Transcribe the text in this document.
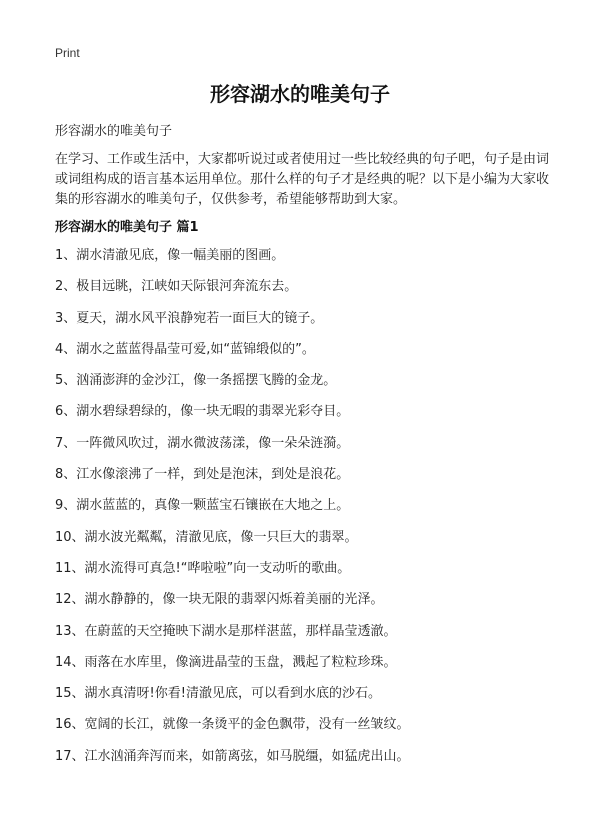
Print
形容湖水的唯美句子
形容湖水的唯美句子

在学习、工作或生活中，大家都听说过或者使用过一些比较经典的句子吧，句子是由词或词组构成的语言基本运用单位。那什么样的句子才是经典的呢？以下是小编为大家收集的形容湖水的唯美句子，仅供参考，希望能够帮助到大家。

形容湖水的唯美句子 篇1
1、湖水清澈见底，像一幅美丽的图画。
2、极目远眺，江峡如天际银河奔流东去。
3、夏天，湖水风平浪静宛若一面巨大的镜子。
4、湖水之蓝蓝得晶莹可爱,如“蓝锦缎似的”。
5、汹涌澎湃的金沙江，像一条摇摆飞腾的金龙。
6、湖水碧绿碧绿的，像一块无暇的翡翠光彩夺目。
7、一阵微风吹过，湖水微波荡漾，像一朵朵涟漪。
8、江水像滚沸了一样，到处是泡沫，到处是浪花。
9、湖水蓝蓝的，真像一颗蓝宝石镶嵌在大地之上。
10、湖水波光粼粼，清澈见底，像一只巨大的翡翠。
11、湖水流得可真急!“哗啦啦”向一支动听的歌曲。
12、湖水静静的，像一块无限的翡翠闪烁着美丽的光泽。
13、在蔚蓝的天空掩映下湖水是那样湛蓝，那样晶莹透澈。
14、雨落在水库里，像滴进晶莹的玉盘，溅起了粒粒珍珠。
15、湖水真清呀!你看!清澈见底，可以看到水底的沙石。
16、宽阔的长江，就像一条烫平的金色飘带，没有一丝皱纹。
17、江水汹涌奔泻而来，如箭离弦，如马脱缰，如猛虎出山。
